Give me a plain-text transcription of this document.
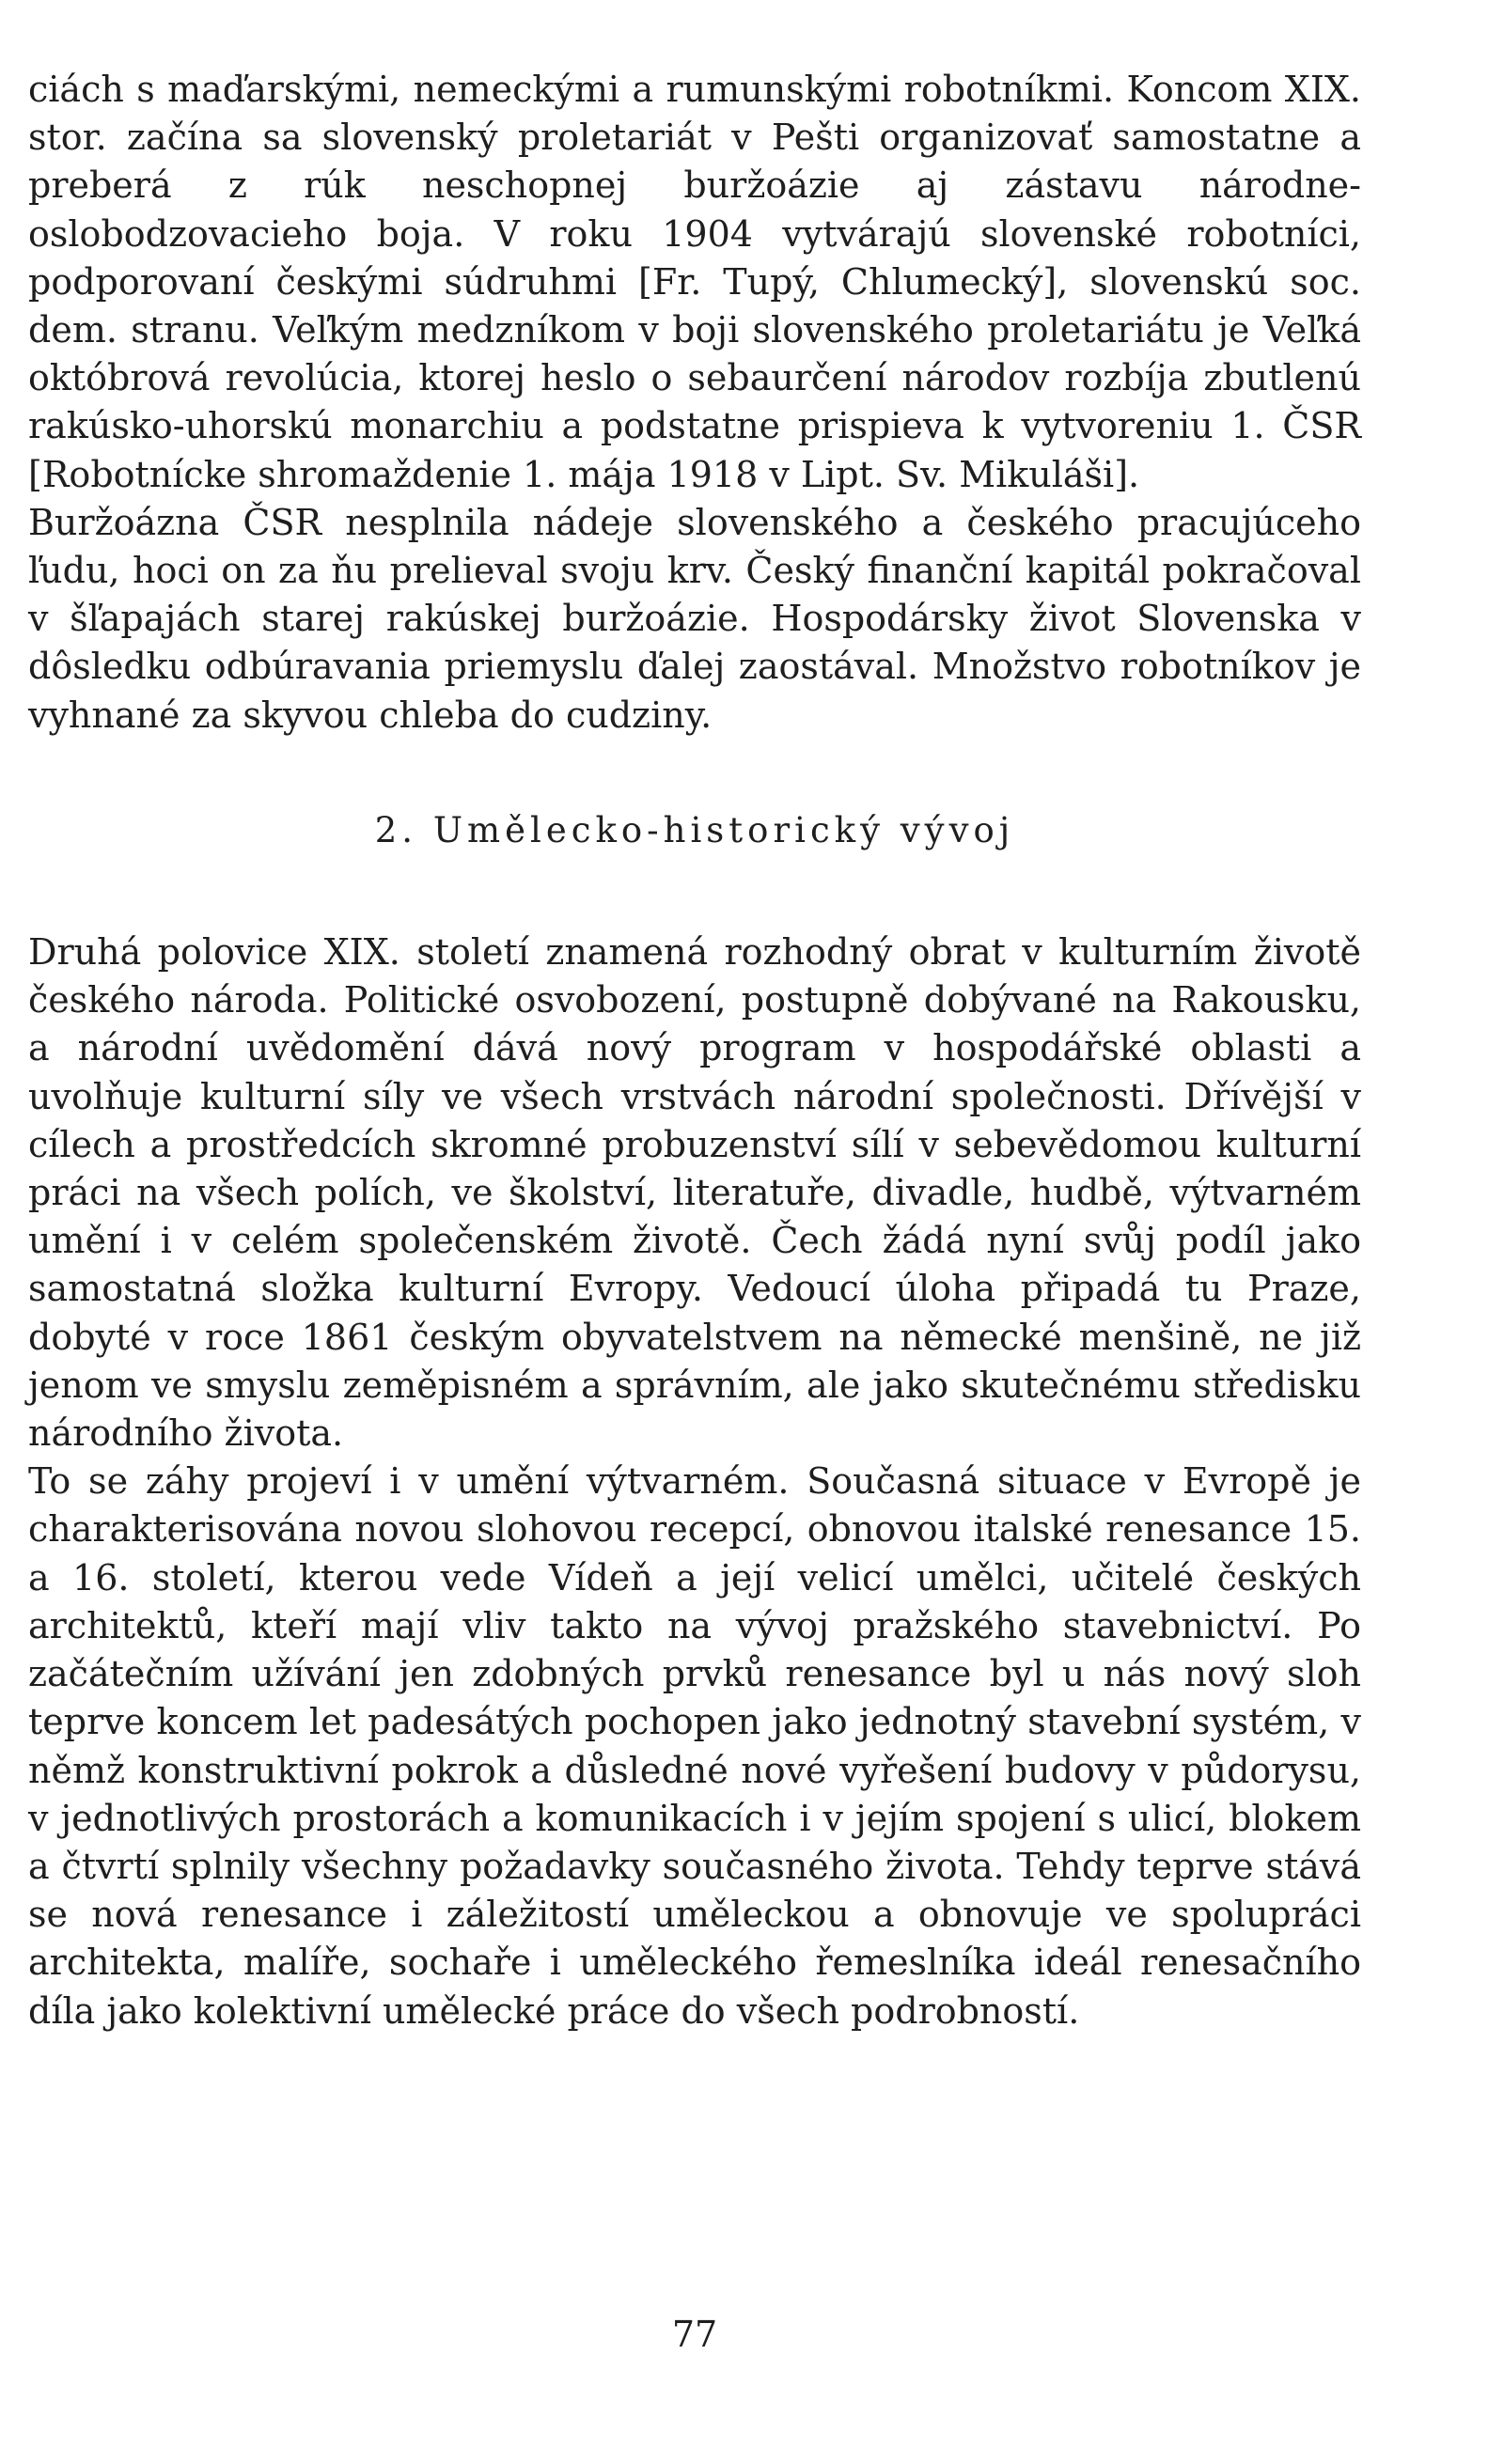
ciách s maďarskými, nemeckými a rumunskými robotníkmi. Koncom XIX. stor. začína sa slovenský proletariát v Pešti organizovať samostatne a preberá z rúk neschopnej buržoázie aj zástavu národne-oslobodzovacieho boja. V roku 1904 vytvárajú slovenské robotníci, podporovaní českými súdruhmi [Fr. Tupý, Chlumecký], slovenskú soc. dem. stranu. Veľkým medzníkom v boji slovenského proletariátu je Veľká októbrová revolúcia, ktorej heslo o sebaurčení národov rozbíja zbutlenú rakúsko-uhorskú monarchiu a podstatne prispieva k vytvoreniu 1. ČSR [Robotnícke shromaždenie 1. mája 1918 v Lipt. Sv. Mikuláši].

Buržoázna ČSR nesplnila nádeje slovenského a českého pracujúceho ľudu, hoci on za ňu prelieval svoju krv. Český finanční kapitál pokračoval v šľapajách starej rakúskej buržoázie. Hospodársky život Slovenska v dôsledku odbúravania priemyslu ďalej zaostával. Množstvo robotníkov je vyhnané za skyvou chleba do cudziny.

2. Umělecko-historický vývoj

Druhá polovice XIX. století znamená rozhodný obrat v kulturním životě českého národa. Politické osvobození, postupně dobývané na Rakousku, a národní uvědomění dává nový program v hospodářské oblasti a uvolňuje kulturní síly ve všech vrstvách národní společnosti. Dřívější v cílech a prostředcích skromné probuzenství sílí v sebevědomou kulturní práci na všech polích, ve školství, literatuře, divadle, hudbě, výtvarném umění i v celém společenském životě. Čech žádá nyní svůj podíl jako samostatná složka kulturní Evropy. Vedoucí úloha připadá tu Praze, dobyté v roce 1861 českým obyvatelstvem na německé menšině, ne již jenom ve smyslu zeměpisném a správním, ale jako skutečnému středisku národního života.

To se záhy projeví i v umění výtvarném. Současná situace v Evropě je charakterisována novou slohovou recepcí, obnovou italské renesance 15. a 16. století, kterou vede Vídeň a její velicí umělci, učitelé českých architektů, kteří mají vliv takto na vývoj pražského stavebnictví. Po začátečním užívání jen zdobných prvků renesance byl u nás nový sloh teprve koncem let padesátých pochopen jako jednotný stavební systém, v němž konstruktivní pokrok a důsledné nové vyřešení budovy v půdorysu, v jednotlivých prostorách a komunikacích i v jejím spojení s ulicí, blokem a čtvrtí splnily všechny požadavky současného života. Tehdy teprve stává se nová renesance i záležitostí uměleckou a obnovuje ve spolupráci architekta, malíře, sochaře i uměleckého řemeslníka ideál renesačního díla jako kolektivní umělecké práce do všech podrobností.

77
